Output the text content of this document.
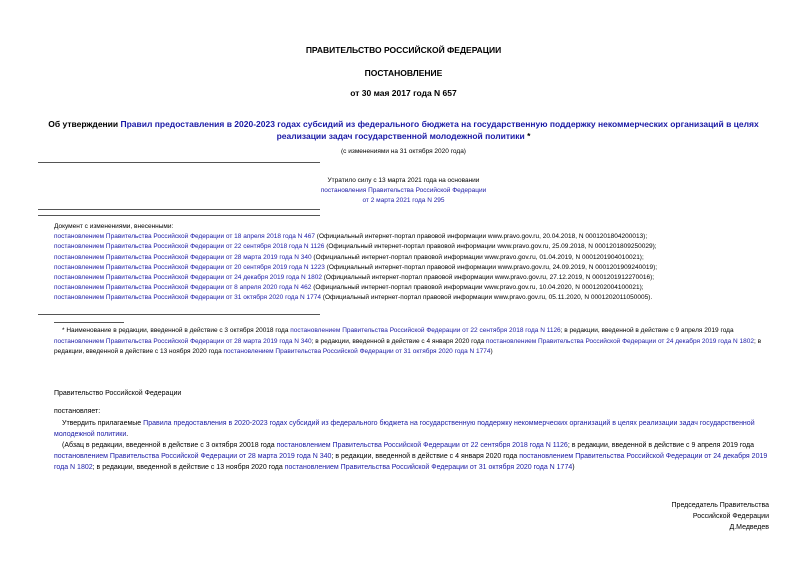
ПРАВИТЕЛЬСТВО РОССИЙСКОЙ ФЕДЕРАЦИИ
ПОСТАНОВЛЕНИЕ
от 30 мая 2017 года N 657
Об утверждении Правил предоставления в 2020-2023 годах субсидий из федерального бюджета на государственную поддержку некоммерческих организаций в целях реализации задач государственной молодежной политики *
(с изменениями на 31 октября 2020 года)
Утратило силу с 13 марта 2021 года на основании
постановления Правительства Российской Федерации
от 2 марта 2021 года N 295
Документ с изменениями, внесенными:
постановлением Правительства Российской Федерации от 18 апреля 2018 года N 467 (Официальный интернет-портал правовой информации www.pravo.gov.ru, 20.04.2018, N 0001201804200013);
постановлением Правительства Российской Федерации от 22 сентября 2018 года N 1126 (Официальный интернет-портал правовой информации www.pravo.gov.ru, 25.09.2018, N 0001201809250029);
постановлением Правительства Российской Федерации от 28 марта 2019 года N 340 (Официальный интернет-портал правовой информации www.pravo.gov.ru, 01.04.2019, N 0001201904010021);
постановлением Правительства Российской Федерации от 20 сентября 2019 года N 1223 (Официальный интернет-портал правовой информации www.pravo.gov.ru, 24.09.2019, N 0001201909240019);
постановлением Правительства Российской Федерации от 24 декабря 2019 года N 1802 (Официальный интернет-портал правовой информации www.pravo.gov.ru, 27.12.2019, N 0001201912270016);
постановлением Правительства Российской Федерации от 8 апреля 2020 года N 462 (Официальный интернет-портал правовой информации www.pravo.gov.ru, 10.04.2020, N 0001202004100021);
постановлением Правительства Российской Федерации от 31 октября 2020 года N 1774 (Официальный интернет-портал правовой информации www.pravo.gov.ru, 05.11.2020, N 0001202011050005).
* Наименование в редакции, введенной в действие с 3 октября 20018 года постановлением Правительства Российской Федерации от 22 сентября 2018 года N 1126; в редакции, введенной в действие с 9 апреля 2019 года постановлением Правительства Российской Федерации от 28 марта 2019 года N 340; в редакции, введенной в действие с 4 января 2020 года постановлением Правительства Российской Федерации от 24 декабря 2019 года N 1802; в редакции, введенной в действие с 13 ноября 2020 года постановлением Правительства Российской Федерации от 31 октября 2020 года N 1774)
Правительство Российской Федерации
постановляет:
Утвердить прилагаемые Правила предоставления в 2020-2023 годах субсидий из федерального бюджета на государственную поддержку некоммерческих организаций в целях реализации задач государственной молодежной политики.
(Абзац в редакции, введенной в действие с 3 октября 20018 года постановлением Правительства Российской Федерации от 22 сентября 2018 года N 1126; в редакции, введенной в действие с 9 апреля 2019 года постановлением Правительства Российской Федерации от 28 марта 2019 года N 340; в редакции, введенной в действие с 4 января 2020 года постановлением Правительства Российской Федерации от 24 декабря 2019 года N 1802; в редакции, введенной в действие с 13 ноября 2020 года постановлением Правительства Российской Федерации от 31 октября 2020 года N 1774)
Председатель Правительства
Российской Федерации
Д.Медведев
